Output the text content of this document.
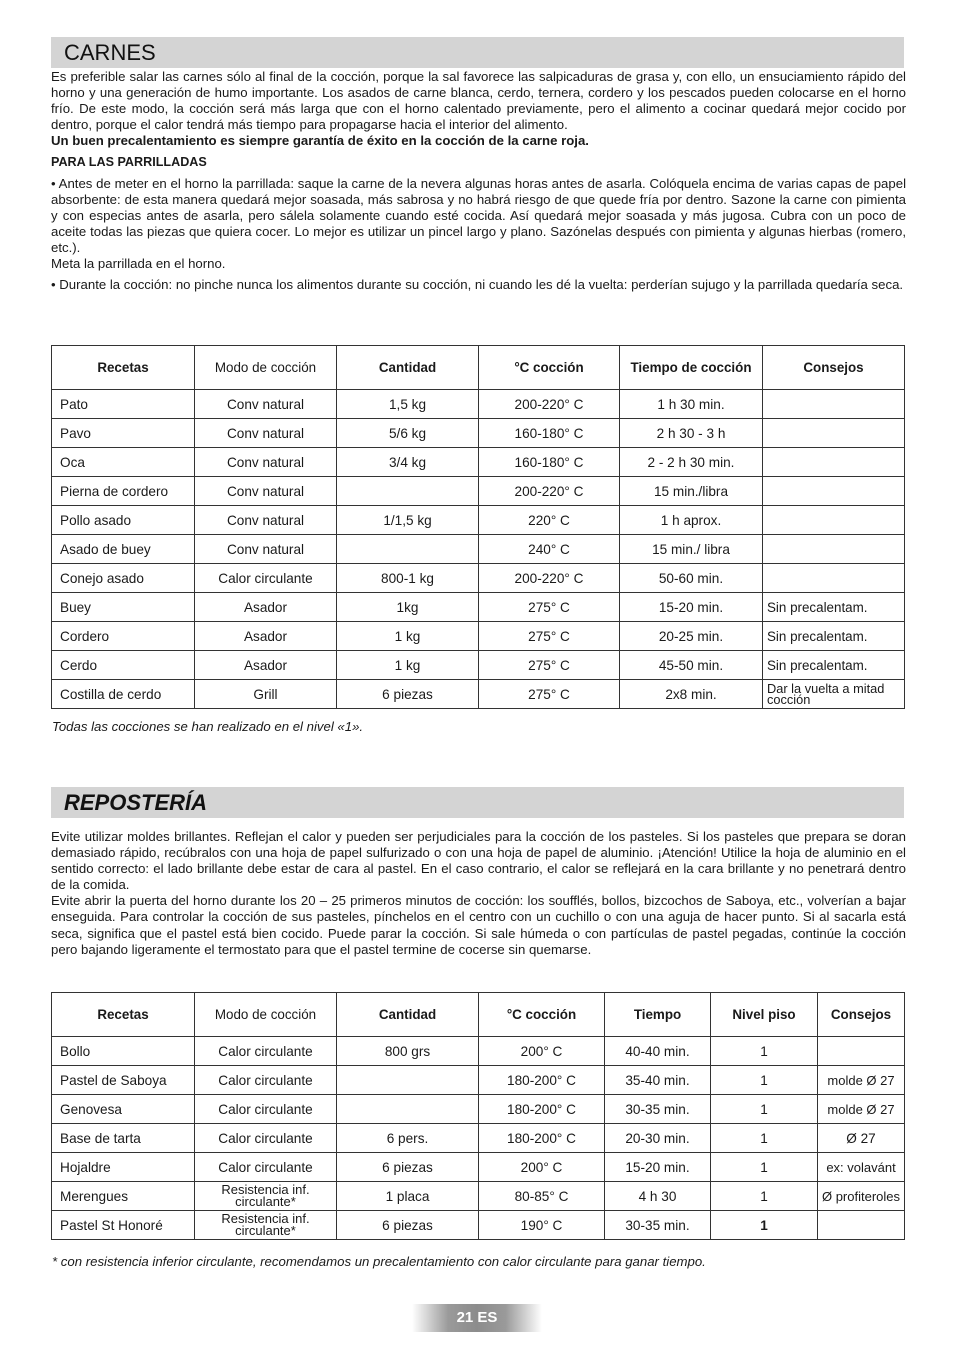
CARNES

Es preferible salar las carnes sólo al final de la cocción, porque la sal favorece las salpicaduras de grasa y, con ello, un ensuciamiento rápido del horno y una generación de humo importante. Los asados de carne blanca, cerdo, ternera, cordero y los pescados pueden colocarse en el horno frío. De este modo, la cocción será más larga que con el horno calentado previamente, pero el alimento a cocinar quedará mejor cocido por dentro, porque el calor tendrá más tiempo para propagarse hacia el interior del alimento.

Un buen precalentamiento es siempre garantía de éxito en la cocción de la carne roja.

PARA LAS PARRILLADAS

• Antes de meter en el horno la parrillada: saque la carne de la nevera algunas horas antes de asarla. Colóquela encima de varias capas de papel absorbente: de esta manera quedará mejor soasada, más sabrosa y no habrá riesgo de que quede fría por dentro. Sazone la carne con pimienta y con especias antes de asarla, pero sálela solamente cuando esté cocida. Así quedará mejor soasada y más jugosa. Cubra con un poco de aceite todas las piezas que quiera cocer. Lo mejor es utilizar un pincel largo y plano. Sazónelas después con pimienta y algunas hierbas (romero, etc.).

Meta la parrillada en el horno.

• Durante la cocción: no pinche nunca los alimentos durante su cocción, ni cuando les dé la vuelta: perderían sujugo y la parrillada quedaría seca.

Recetas	Modo de cocción	Cantidad	°C cocción	Tiempo de cocción	Consejos
Pato	Conv natural	1,5 kg	200-220° C	1 h 30 min.	
Pavo	Conv natural	5/6 kg	160-180° C	2 h 30 - 3 h	
Oca	Conv natural	3/4 kg	160-180° C	2 - 2 h 30 min.	
Pierna de cordero	Conv natural		200-220° C	15 min./libra	
Pollo asado	Conv natural	1/1,5 kg	220° C	1 h aprox.	
Asado de buey	Conv natural		240° C	15 min./ libra	
Conejo asado	Calor circulante	800-1 kg	200-220° C	50-60 min.	
Buey	Asador	1kg	275° C	15-20 min.	Sin precalentam.
Cordero	Asador	1 kg	275° C	20-25 min.	Sin precalentam.
Cerdo	Asador	1 kg	275° C	45-50 min.	Sin precalentam.
Costilla de cerdo	Grill	6 piezas	275° C	2x8 min.	Dar la vuelta a mitad cocción
Todas las cocciones se han realizado en el nivel «1».
REPOSTERÍA

Evite utilizar moldes brillantes. Reflejan el calor y pueden ser perjudiciales para la cocción de los pasteles. Si los pasteles que prepara se doran demasiado rápido, recúbralos con una hoja de papel sulfurizado o con una hoja de papel de aluminio. ¡Atención! Utilice la hoja de aluminio en el sentido correcto: el lado brillante debe estar de cara al pastel. En el caso contrario, el calor se reflejará en la cara brillante y no penetrará dentro de la comida.

Evite abrir la puerta del horno durante los 20 – 25 primeros minutos de cocción: los soufflés, bollos, bizcochos de Saboya, etc., volverían a bajar enseguida. Para controlar la cocción de sus pasteles, pínchelos en el centro con un cuchillo o con una aguja de hacer punto. Si al sacarla está seca, significa que el pastel está bien cocido. Puede parar la cocción. Si sale húmeda o con partículas de pastel pegadas, continúe la cocción pero bajando ligeramente el termostato para que el pastel termine de cocerse sin quemarse.

Recetas	Modo de cocción	Cantidad	°C cocción	Tiempo	Nivel piso	Consejos
Bollo	Calor circulante	800 grs	200° C	40-40 min.	1	
Pastel de Saboya	Calor circulante		180-200° C	35-40 min.	1	molde Ø 27
Genovesa	Calor circulante		180-200° C	30-35 min.	1	molde Ø 27
Base de tarta	Calor circulante	6 pers.	180-200° C	20-30 min.	1	Ø 27
Hojaldre	Calor circulante	6 piezas	200° C	15-20 min.	1	ex: volavánt
Merengues	Resistencia inf. circulante*	1 placa	80-85° C	4 h 30	1	Ø profiteroles
Pastel St Honoré	Resistencia inf. circulante*	6 piezas	190° C	30-35 min.	1	
* con resistencia inferior circulante, recomendamos un precalentamiento con calor circulante para ganar tiempo.
21 ES
